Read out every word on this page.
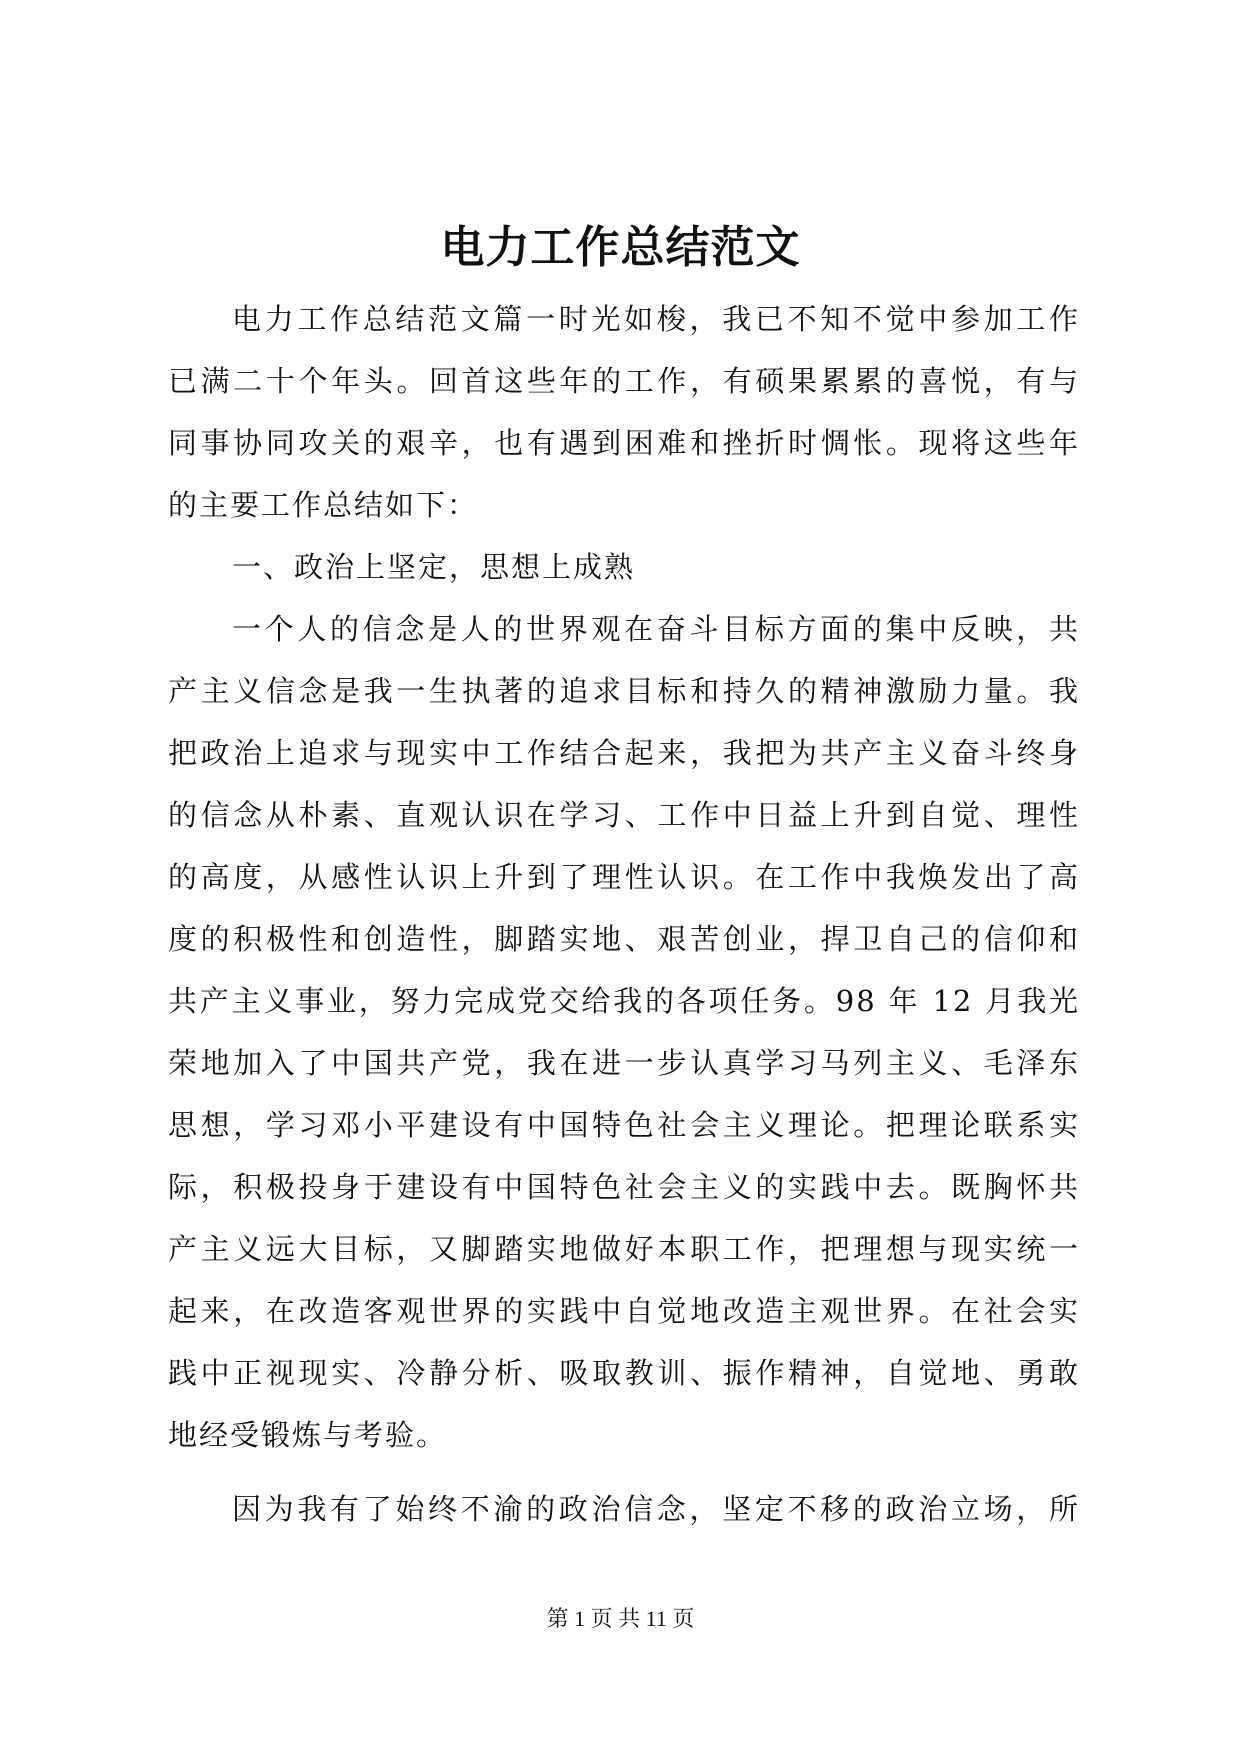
电力工作总结范文
电力工作总结范文篇一时光如梭，我已不知不觉中参加工作
已满二十个年头。回首这些年的工作，有硕果累累的喜悦，有与
同事协同攻关的艰辛，也有遇到困难和挫折时惆怅。现将这些年
的主要工作总结如下：
一、政治上坚定，思想上成熟
一个人的信念是人的世界观在奋斗目标方面的集中反映，共
产主义信念是我一生执著的追求目标和持久的精神激励力量。我
把政治上追求与现实中工作结合起来，我把为共产主义奋斗终身
的信念从朴素、直观认识在学习、工作中日益上升到自觉、理性
的高度，从感性认识上升到了理性认识。在工作中我焕发出了高
度的积极性和创造性，脚踏实地、艰苦创业，捍卫自己的信仰和
共产主义事业，努力完成党交给我的各项任务。98 年 12 月我光
荣地加入了中国共产党，我在进一步认真学习马列主义、毛泽东
思想，学习邓小平建设有中国特色社会主义理论。把理论联系实
际，积极投身于建设有中国特色社会主义的实践中去。既胸怀共
产主义远大目标，又脚踏实地做好本职工作，把理想与现实统一
起来，在改造客观世界的实践中自觉地改造主观世界。在社会实
践中正视现实、冷静分析、吸取教训、振作精神，自觉地、勇敢
地经受锻炼与考验。
因为我有了始终不渝的政治信念，坚定不移的政治立场，所
第 1 页 共 11 页
